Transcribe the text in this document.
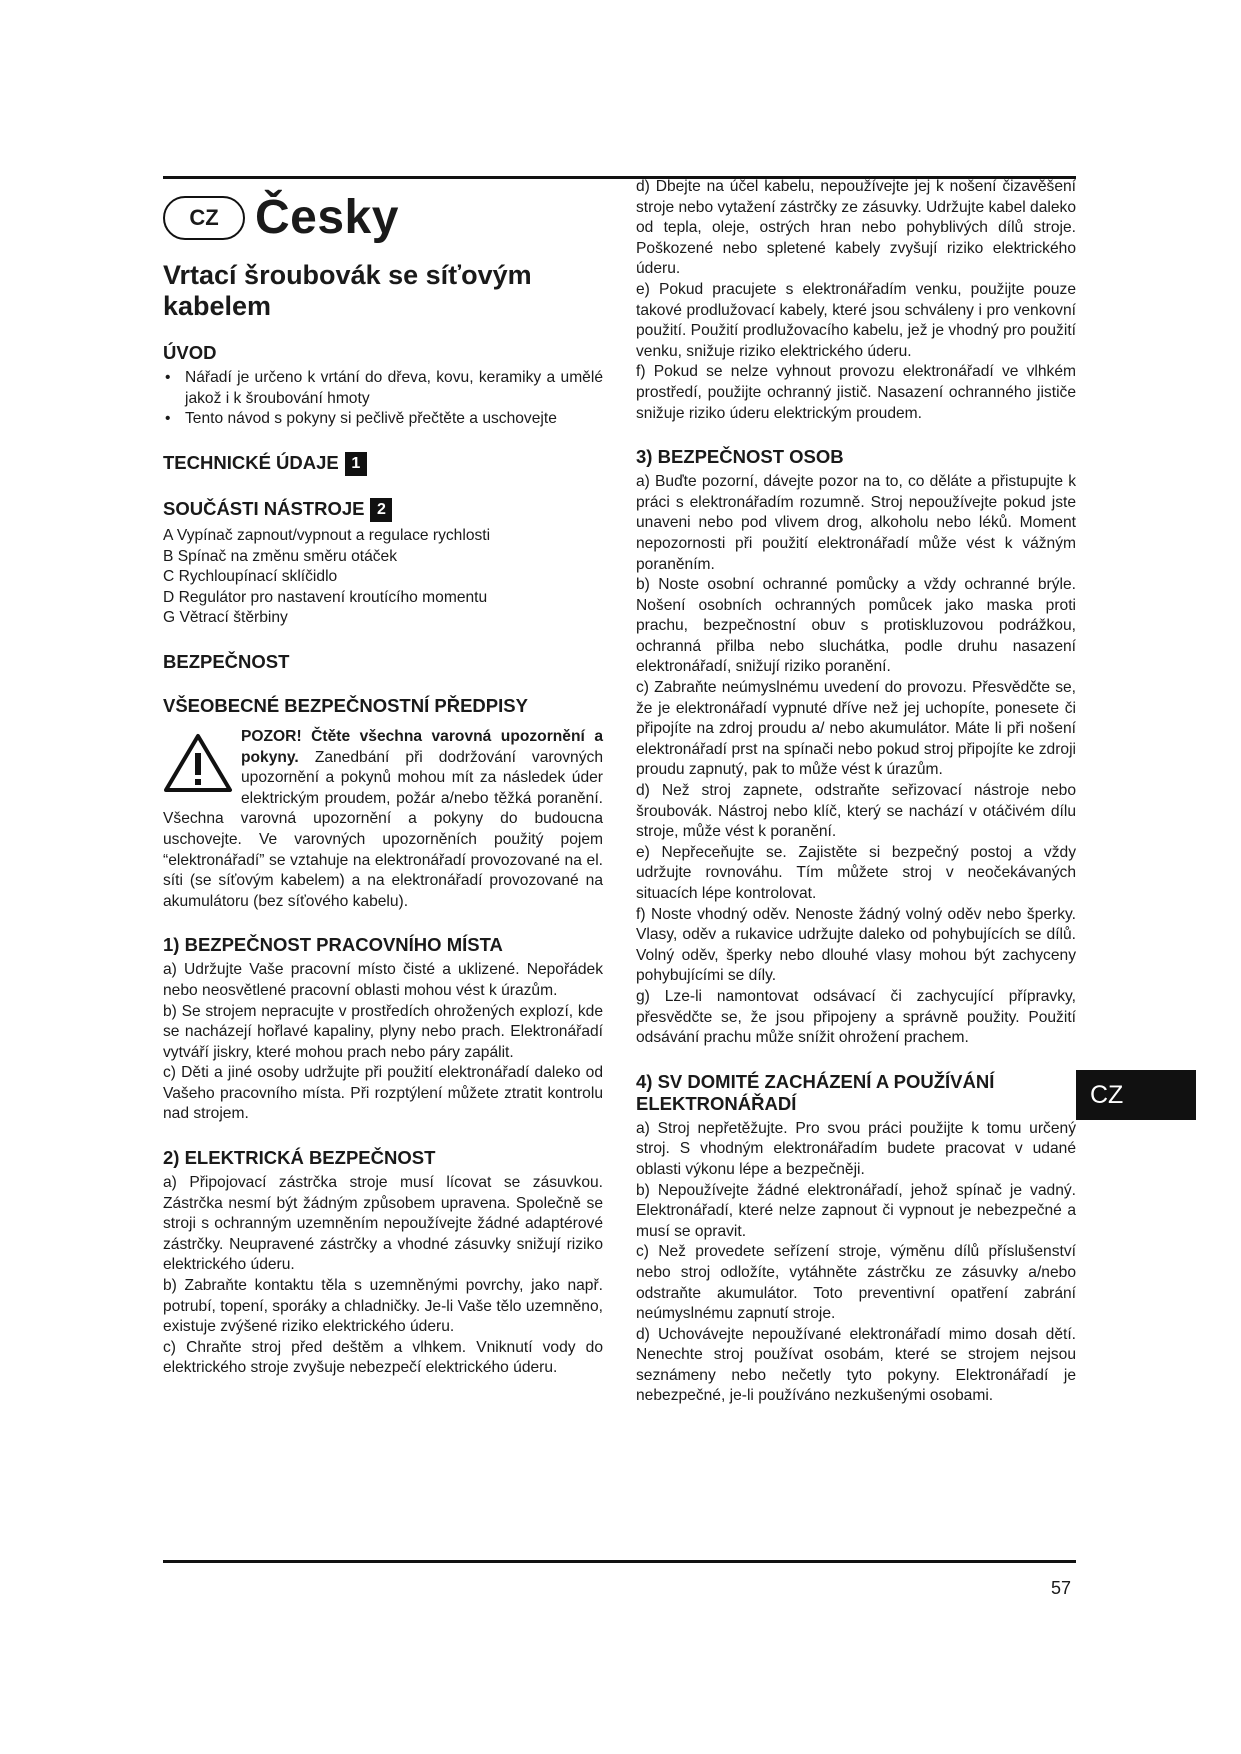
CZ Česky
Vrtací šroubovák se síťovým kabelem
ÚVOD
• Nářadí je určeno k vrtání do dřeva, kovu, keramiky a umělé jakož i k šroubování hmoty
• Tento návod s pokyny si pečlivě přečtěte a uschovejte
TECHNICKÉ ÚDAJE 1
SOUČÁSTI NÁSTROJE 2

A Vypínač zapnout/vypnout a regulace rychlosti

B Spínač na změnu směru otáček

C Rychloupínací sklíčidlo

D Regulátor pro nastavení kroutícího momentu

G Větrací štěrbiny

BEZPEČNOST
VŠEOBECNÉ BEZPEČNOSTNÍ PŘEDPISY

POZOR! Čtěte všechna varovná upozornění a pokyny. Zanedbání při dodržování varovných upozornění a pokynů mohou mít za následek úder elektrickým proudem, požár a/nebo těžká poranění. Všechna varovná upozornění a pokyny do budoucna uschovejte. Ve varovných upozorněních použitý pojem “elektronářadí” se vztahuje na elektronářadí provozované na el. síti (se síťovým kabelem) a na elektronářadí provozované na akumulátoru (bez síťového kabelu).

1) BEZPEČNOST PRACOVNÍHO MÍSTA

a) Udržujte Vaše pracovní místo čisté a uklizené. Nepořádek nebo neosvětlené pracovní oblasti mohou vést k úrazům.

b) Se strojem nepracujte v prostředích ohrožených explozí, kde se nacházejí hořlavé kapaliny, plyny nebo prach. Elektronářadí vytváří jiskry, které mohou prach nebo páry zapálit.

c) Děti a jiné osoby udržujte při použití elektronářadí daleko od Vašeho pracovního místa. Při rozptýlení můžete ztratit kontrolu nad strojem.

2) ELEKTRICKÁ BEZPEČNOST

a) Připojovací zástrčka stroje musí lícovat se zásuvkou. Zástrčka nesmí být žádným způsobem upravena. Společně se stroji s ochranným uzemněním nepoužívejte žádné adaptérové zástrčky. Neupravené zástrčky a vhodné zásuvky snižují riziko elektrického úderu.

b) Zabraňte kontaktu těla s uzemněnými povrchy, jako např. potrubí, topení, sporáky a chladničky. Je-li Vaše tělo uzemněno, existuje zvýšené riziko elektrického úderu.

c) Chraňte stroj před deštěm a vlhkem. Vniknutí vody do elektrického stroje zvyšuje nebezpečí elektrického úderu.

d) Dbejte na účel kabelu, nepoužívejte jej k nošení čizavěšení stroje nebo vytažení zástrčky ze zásuvky. Udržujte kabel daleko od tepla, oleje, ostrých hran nebo pohyblivých dílů stroje. Poškozené nebo spletené kabely zvyšují riziko elektrického úderu.

e) Pokud pracujete s elektronářadím venku, použijte pouze takové prodlužovací kabely, které jsou schváleny i pro venkovní použití. Použití prodlužovacího kabelu, jež je vhodný pro použití venku, snižuje riziko elektrického úderu.

f) Pokud se nelze vyhnout provozu elektronářadí ve vlhkém prostředí, použijte ochranný jistič. Nasazení ochranného jističe snižuje riziko úderu elektrickým proudem.

3) BEZPEČNOST OSOB

a) Buďte pozorní, dávejte pozor na to, co děláte a přistupujte k práci s elektronářadím rozumně. Stroj nepoužívejte pokud jste unaveni nebo pod vlivem drog, alkoholu nebo léků. Moment nepozornosti při použití elektronářadí může vést k vážným poraněním.

b) Noste osobní ochranné pomůcky a vždy ochranné brýle. Nošení osobních ochranných pomůcek jako maska proti prachu, bezpečnostní obuv s protiskluzovou podrážkou, ochranná přilba nebo sluchátka, podle druhu nasazení elektronářadí, snižují riziko poranění.

c) Zabraňte neúmyslnému uvedení do provozu. Přesvědčte se, že je elektronářadí vypnuté dříve než jej uchopíte, ponesete či připojíte na zdroj proudu a/ nebo akumulátor. Máte li při nošení elektronářadí prst na spínači nebo pokud stroj připojíte ke zdroji proudu zapnutý, pak to může vést k úrazům.

d) Než stroj zapnete, odstraňte seřizovací nástroje nebo šroubovák. Nástroj nebo klíč, který se nachází v otáčivém dílu stroje, může vést k poranění.

e) Nepřeceňujte se. Zajistěte si bezpečný postoj a vždy udržujte rovnováhu. Tím můžete stroj v neočekávaných situacích lépe kontrolovat.

f) Noste vhodný oděv. Nenoste žádný volný oděv nebo šperky. Vlasy, oděv a rukavice udržujte daleko od pohybujících se dílů. Volný oděv, šperky nebo dlouhé vlasy mohou být zachyceny pohybujícími se díly.

g) Lze-li namontovat odsávací či zachycující přípravky, přesvědčte se, že jsou připojeny a správně použity. Použití odsávání prachu může snížit ohrožení prachem.

4) SV DOMITÉ ZACHÁZENÍ A POUŽÍVÁNÍ ELEKTRONÁŘADÍ

a) Stroj nepřetěžujte. Pro svou práci použijte k tomu určený stroj. S vhodným elektronářadím budete pracovat v udané oblasti výkonu lépe a bezpečněji.

b) Nepoužívejte žádné elektronářadí, jehož spínač je vadný. Elektronářadí, které nelze zapnout či vypnout je nebezpečné a musí se opravit.

c) Než provedete seřízení stroje, výměnu dílů příslušenství nebo stroj odložíte, vytáhněte zástrčku ze zásuvky a/nebo odstraňte akumulátor. Toto preventivní opatření zabrání neúmyslnému zapnutí stroje.

d) Uchovávejte nepoužívané elektronářadí mimo dosah dětí. Nenechte stroj používat osobám, které se strojem nejsou seznámeny nebo nečetly tyto pokyny. Elektronářadí je nebezpečné, je-li používáno nezkušenými osobami.

CZ
57
